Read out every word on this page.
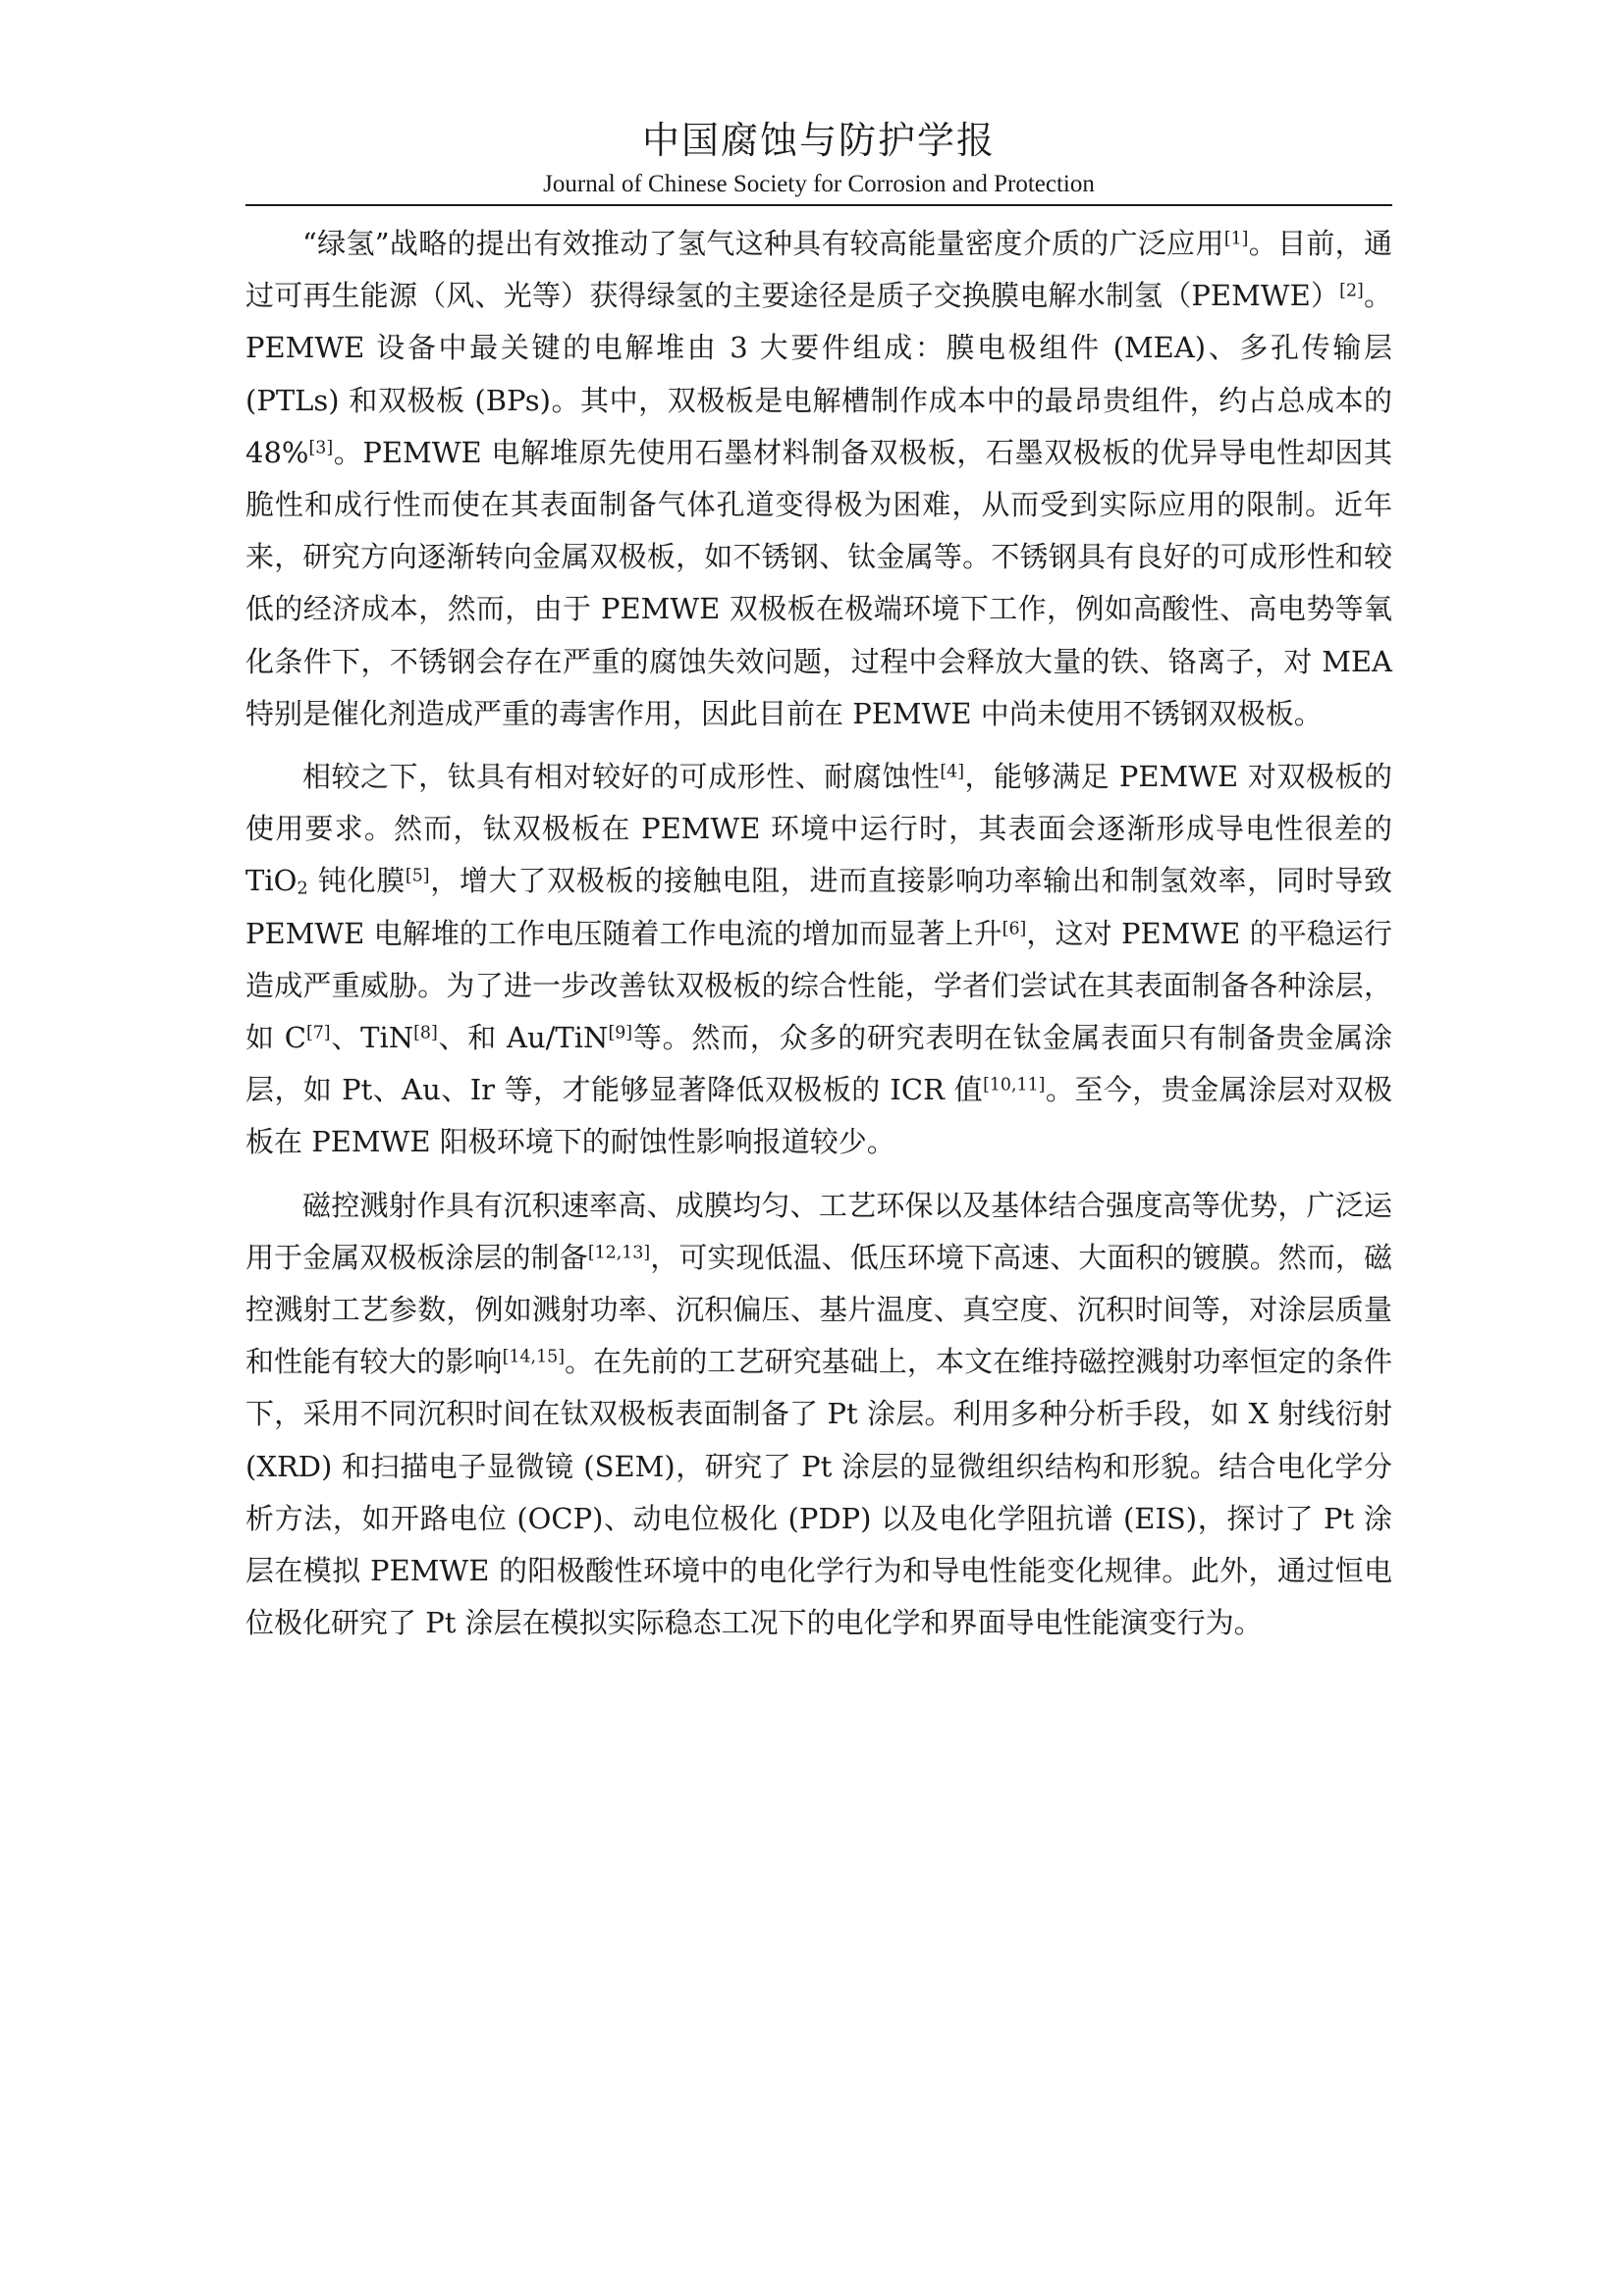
中国腐蚀与防护学报
Journal of Chinese Society for Corrosion and Protection

“绿氢”战略的提出有效推动了氢气这种具有较高能量密度介质的广泛应用[1]。目前，通过可再生能源（风、光等）获得绿氢的主要途径是质子交换膜电解水制氢（PEMWE）[2]。PEMWE 设备中最关键的电解堆由 3 大要件组成：膜电极组件 (MEA)、多孔传输层 (PTLs) 和双极板 (BPs)。其中，双极板是电解槽制作成本中的最昂贵组件，约占总成本的 48%[3]。PEMWE 电解堆原先使用石墨材料制备双极板，石墨双极板的优异导电性却因其脆性和成行性而使在其表面制备气体孔道变得极为困难，从而受到实际应用的限制。近年来，研究方向逐渐转向金属双极板，如不锈钢、钛金属等。不锈钢具有良好的可成形性和较低的经济成本，然而，由于 PEMWE 双极板在极端环境下工作，例如高酸性、高电势等氧化条件下，不锈钢会存在严重的腐蚀失效问题，过程中会释放大量的铁、铬离子，对 MEA 特别是催化剂造成严重的毒害作用，因此目前在 PEMWE 中尚未使用不锈钢双极板。

相较之下，钛具有相对较好的可成形性、耐腐蚀性[4]，能够满足 PEMWE 对双极板的使用要求。然而，钛双极板在 PEMWE 环境中运行时，其表面会逐渐形成导电性很差的 TiO$_2$ 钝化膜[5]，增大了双极板的接触电阻，进而直接影响功率输出和制氢效率，同时导致 PEMWE 电解堆的工作电压随着工作电流的增加而显著上升[6]，这对 PEMWE 的平稳运行造成严重威胁。为了进一步改善钛双极板的综合性能，学者们尝试在其表面制备各种涂层，如 C[7]、TiN[8]、和 Au/TiN[9]等。然而，众多的研究表明在钛金属表面只有制备贵金属涂层，如 Pt、Au、Ir 等，才能够显著降低双极板的 ICR 值[10,11]。至今，贵金属涂层对双极板在 PEMWE 阳极环境下的耐蚀性影响报道较少。

磁控溅射作具有沉积速率高、成膜均匀、工艺环保以及基体结合强度高等优势，广泛运用于金属双极板涂层的制备[12,13]，可实现低温、低压环境下高速、大面积的镀膜。然而，磁控溅射工艺参数，例如溅射功率、沉积偏压、基片温度、真空度、沉积时间等，对涂层质量和性能有较大的影响[14,15]。在先前的工艺研究基础上，本文在维持磁控溅射功率恒定的条件下，采用不同沉积时间在钛双极板表面制备了 Pt 涂层。利用多种分析手段，如 X 射线衍射 (XRD) 和扫描电子显微镜 (SEM)，研究了 Pt 涂层的显微组织结构和形貌。结合电化学分析方法，如开路电位 (OCP)、动电位极化 (PDP) 以及电化学阻抗谱 (EIS)，探讨了 Pt 涂层在模拟 PEMWE 的阳极酸性环境中的电化学行为和导电性能变化规律。此外，通过恒电位极化研究了 Pt 涂层在模拟实际稳态工况下的电化学和界面导电性能演变行为。
